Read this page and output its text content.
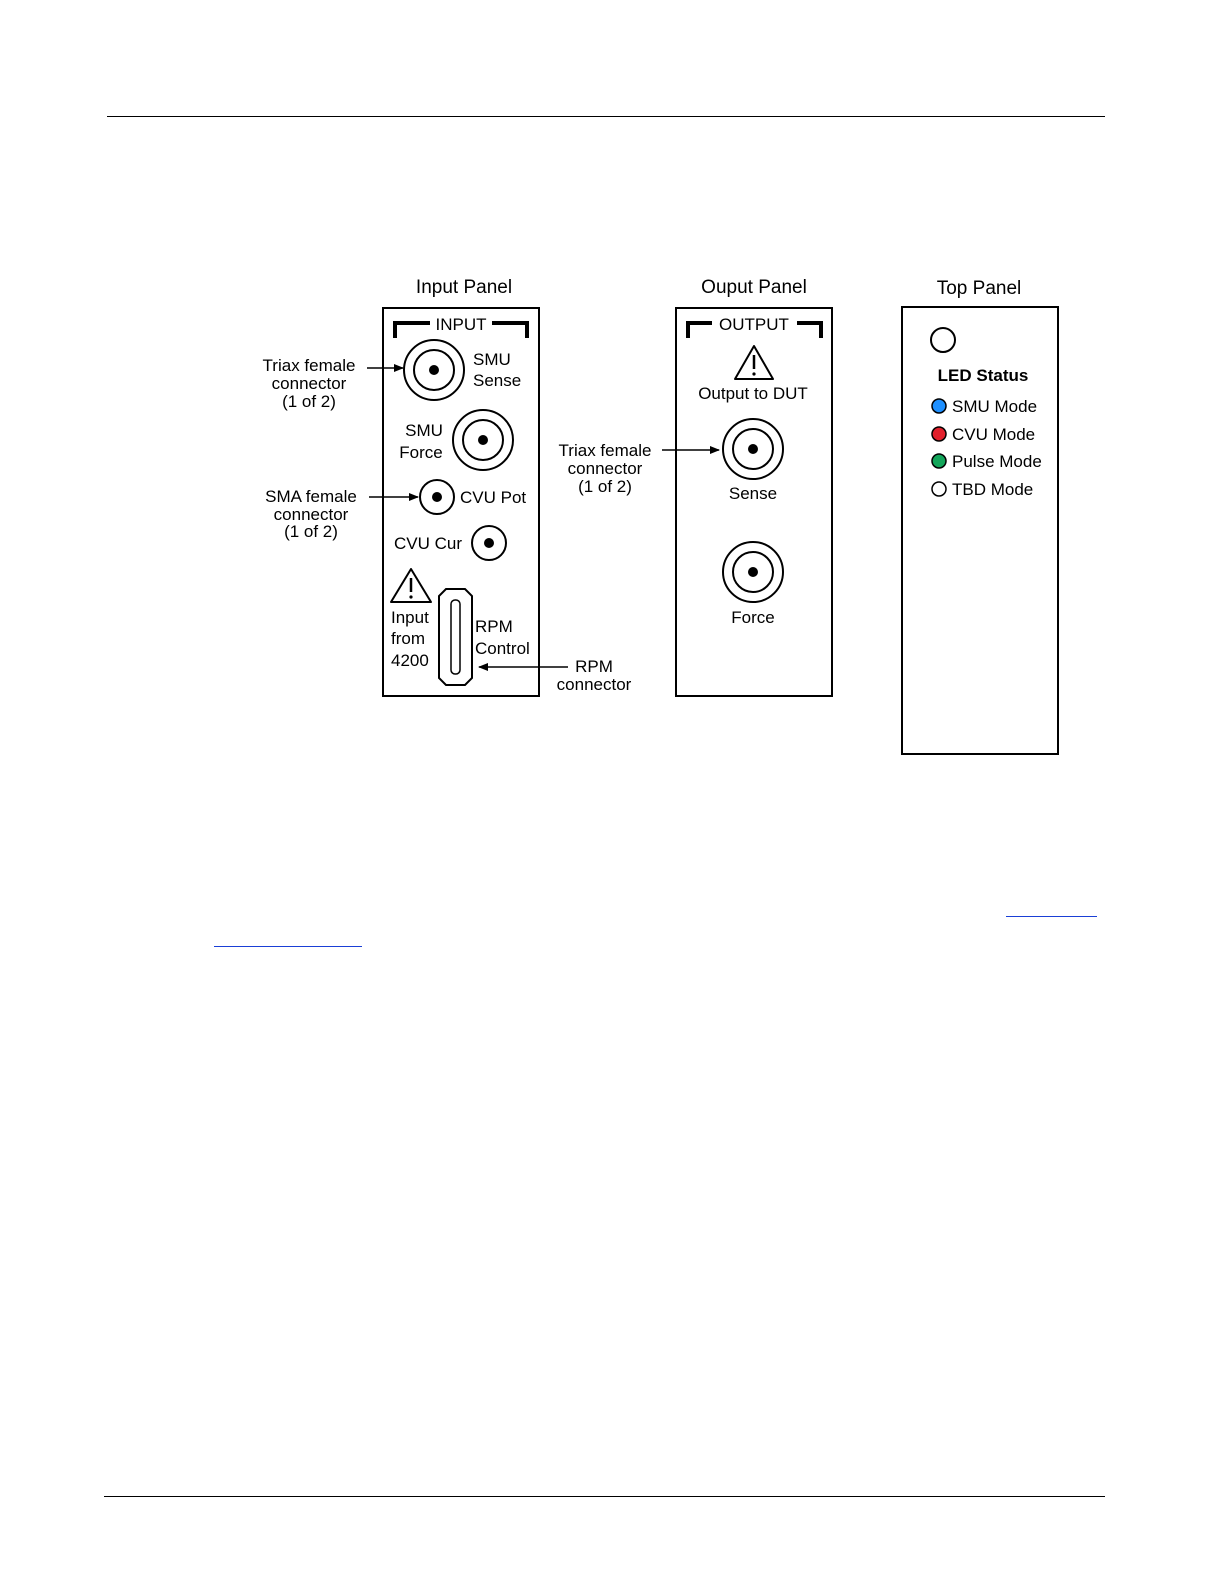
Input Panel
INPUT
SMU
Sense
SMU
Force
CVU Pot
CVU Cur
Input
from
4200
RPM
Control
Triax female
connector
(1 of 2)
SMA female
connector
(1 of 2)
RPM
connector
Ouput Panel
OUTPUT
Output to DUT
Sense
Force
Triax female
connector
(1 of 2)
Top Panel
LED Status
SMU Mode
CVU Mode
Pulse Mode
TBD Mode
